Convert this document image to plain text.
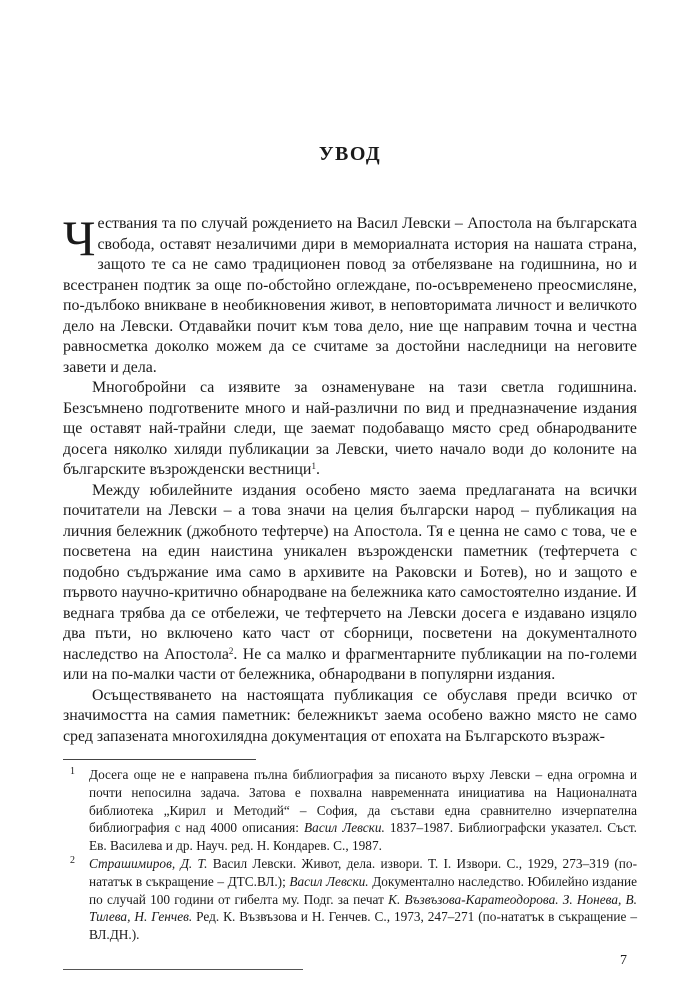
УВОД

Чествания та по случай рождението на Васил Левски – Апостола на българската свобода, оставят незаличими дири в мемориалната история на нашата страна, защото те са не само традиционен повод за отбелязване на годишнина, но и всестранен подтик за още по-обстойно оглеждане, по-осъвременено преосмисляне, по-дълбоко вникване в необикновения живот, в неповторимата личност и величкото дело на Левски. Отдавайки почит към това дело, ние ще направим точна и честна равносметка доколко можем да се считаме за достойни наследници на неговите завети и дела.

Многобройни са изявите за ознаменуване на тази светла годишнина. Безсъмнено подготвените много и най-различни по вид и предназначение издания ще оставят най-трайни следи, ще заемат подобаващо място сред обнародваните досега няколко хиляди публикации за Левски, чието начало води до колоните на българските възрожденски вестници$^1$.

Между юбилейните издания особено място заема предлаганата на всички почитатели на Левски – а това значи на целия български народ – публикация на личния бележник (джобното тефтерче) на Апостола. Тя е ценна не само с това, че е посветена на един наистина уникален възрожденски паметник (тефтерчета с подобно съдържание има само в архивите на Раковски и Ботев), но и защото е първото научно-критично обнародване на бележника като самостоятелно издание. И веднага трябва да се отбележи, че тефтерчето на Левски досега е издавано изцяло два пъти, но включено като част от сборници, посветени на документалното наследство на Апостола$^2$. Не са малко и фрагментарните публикации на по-големи или на по-малки части от бележника, обнародвани в популярни издания.

Осъществяването на настоящата публикация се обуславя преди всичко от значимостта на самия паметник: бележникът заема особено важно място не само сред запазената многохилядна документация от епохата на Българското възраж-

1 Досега още не е направена пълна библиография за писаното върху Левски – една огромна и почти непосилна задача. Затова е похвална навременната инициатива на Националната библиотека „Кирил и Методий“ – София, да състави една сравнително изчерпателна библиография с над 4000 описания: Васил Левски. 1837–1987. Библиографски указател. Съст. Ев. Василева и др. Науч. ред. Н. Кондарев. С., 1987.

2 Страшимиров, Д. Т. Васил Левски. Живот, дела. извори. Т. I. Извори. С., 1929, 273–319 (по-нататък в съкращение – ДТС.ВЛ.); Васил Левски. Документално наследство. Юбилейно издание по случай 100 години от гибелта му. Подг. за печат К. Възвъзова-Каратеодорова. З. Нонева, В. Тилева, Н. Генчев. Ред. К. Възвъзова и Н. Генчев. С., 1973, 247–271 (по-нататък в съкращение – ВЛ.ДН.).

7
